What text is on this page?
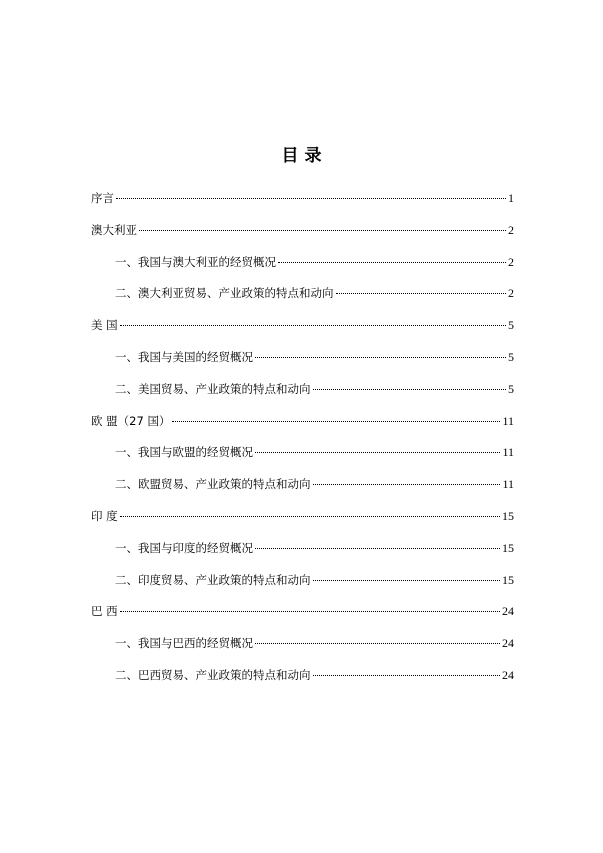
目 录
序言	1
澳大利亚	2
一、我国与澳大利亚的经贸概况	2
二、澳大利亚贸易、产业政策的特点和动向	2
美 国	5
一、我国与美国的经贸概况	5
二、美国贸易、产业政策的特点和动向	5
欧 盟（27 国）	11
一、我国与欧盟的经贸概况	11
二、欧盟贸易、产业政策的特点和动向	11
印 度	15
一、我国与印度的经贸概况	15
二、印度贸易、产业政策的特点和动向	15
巴 西	24
一、我国与巴西的经贸概况	24
二、巴西贸易、产业政策的特点和动向	24
